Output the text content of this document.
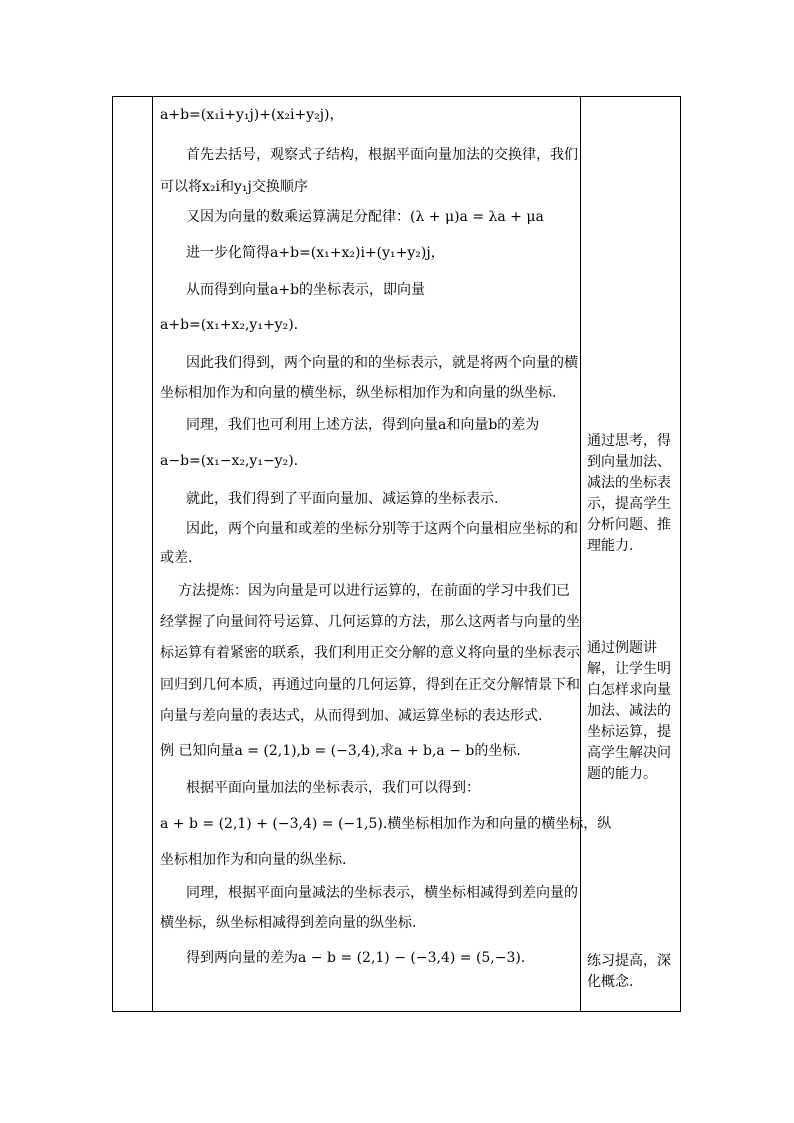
a+b=(x₁i+y₁j)+(x₂i+y₂j)，
首先去括号，观察式子结构，根据平面向量加法的交换律，我们
可以将x₂i和y₁j交换顺序
又因为向量的数乘运算满足分配律：(λ + μ)a = λa + μa
进一步化简得a+b=(x₁+x₂)i+(y₁+y₂)j，
从而得到向量a+b的坐标表示，即向量
a+b=(x₁+x₂,y₁+y₂).
因此我们得到，两个向量的和的坐标表示，就是将两个向量的横
坐标相加作为和向量的横坐标，纵坐标相加作为和向量的纵坐标.
同理，我们也可利用上述方法，得到向量a和向量b的差为
a−b=(x₁−x₂,y₁−y₂).
就此，我们得到了平面向量加、减运算的坐标表示.
因此，两个向量和或差的坐标分别等于这两个向量相应坐标的和
或差.
方法提炼：因为向量是可以进行运算的，在前面的学习中我们已
经掌握了向量间符号运算、几何运算的方法，那么这两者与向量的坐
标运算有着紧密的联系，我们利用正交分解的意义将向量的坐标表示
回归到几何本质，再通过向量的几何运算，得到在正交分解情景下和
向量与差向量的表达式，从而得到加、减运算坐标的表达形式.
例 已知向量a = (2,1),b = (−3,4),求a + b,a − b的坐标.
根据平面向量加法的坐标表示，我们可以得到：
a + b = (2,1) + (−3,4) = (−1,5).横坐标相加作为和向量的横坐标，纵
坐标相加作为和向量的纵坐标.
同理，根据平面向量减法的坐标表示，横坐标相减得到差向量的
横坐标，纵坐标相减得到差向量的纵坐标.
得到两向量的差为a − b = (2,1) − (−3,4) = (5,−3).
通过思考，得到向量加法、减法的坐标表示，提高学生分析问题、推理能力.
通过例题讲解，让学生明白怎样求向量加法、减法的坐标运算，提高学生解决问题的能力。
练习提高，深化概念.
